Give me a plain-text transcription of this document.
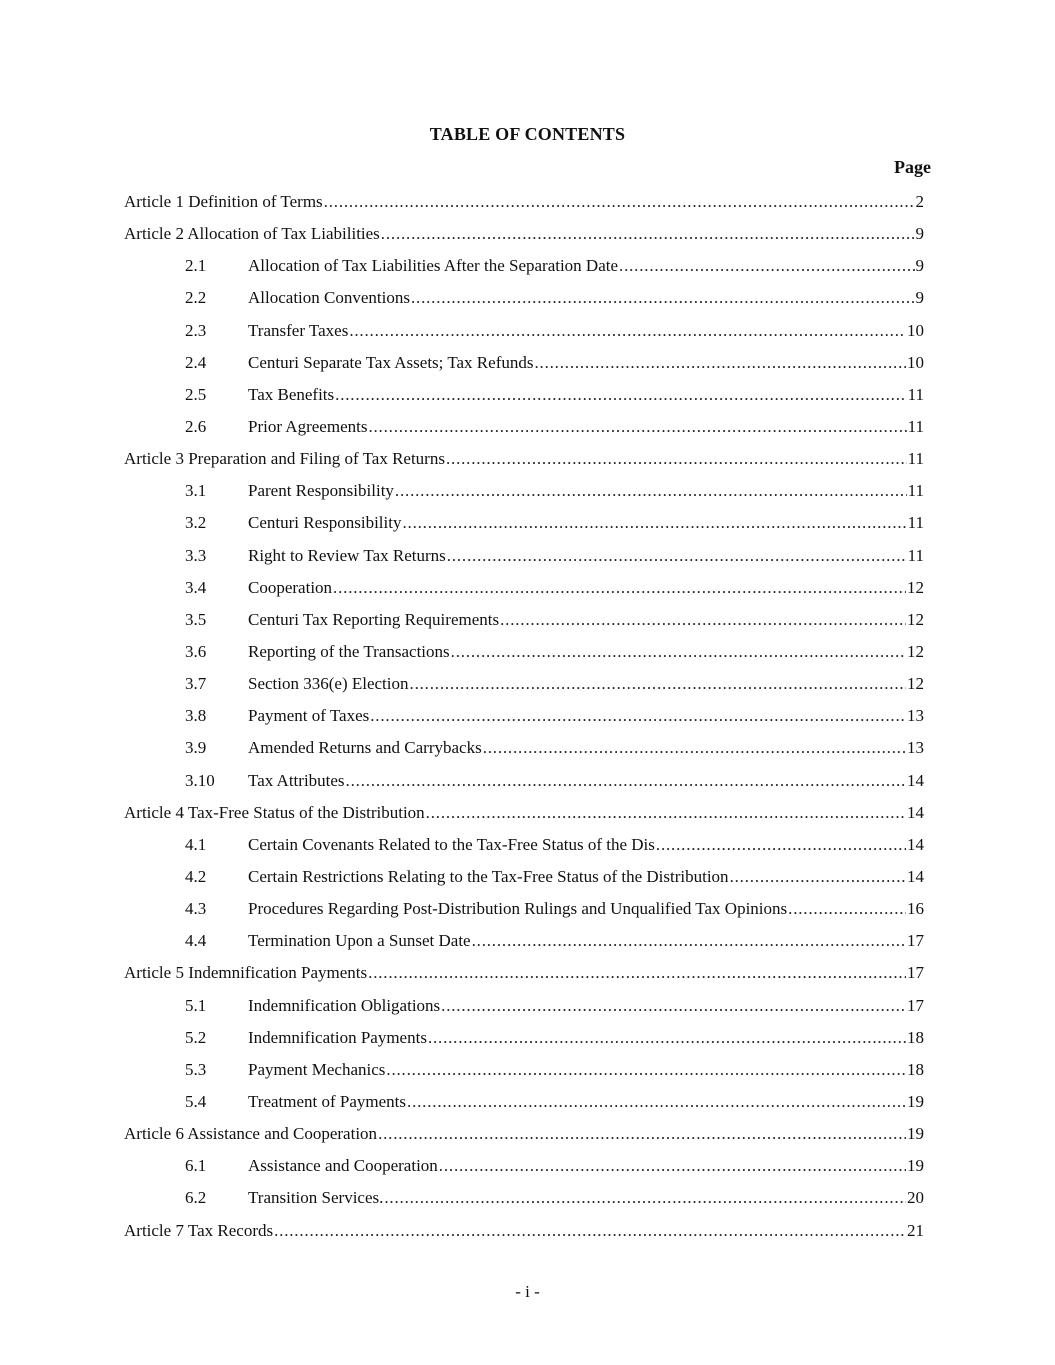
TABLE OF CONTENTS
Page
Article 1 Definition of Terms .....	2
Article 2 Allocation of Tax Liabilities .....	9
2.1	Allocation of Tax Liabilities After the Separation Date .....	9
2.2	Allocation Conventions .....	9
2.3	Transfer Taxes .....	10
2.4	Centuri Separate Tax Assets; Tax Refunds .....	10
2.5	Tax Benefits .....	11
2.6	Prior Agreements .....	11
Article 3 Preparation and Filing of Tax Returns .....	11
3.1	Parent Responsibility .....	11
3.2	Centuri Responsibility .....	11
3.3	Right to Review Tax Returns .....	11
3.4	Cooperation .....	12
3.5	Centuri Tax Reporting Requirements .....	12
3.6	Reporting of the Transactions .....	12
3.7	Section 336(e) Election .....	12
3.8	Payment of Taxes .....	13
3.9	Amended Returns and Carrybacks .....	13
3.10	Tax Attributes .....	14
Article 4 Tax-Free Status of the Distribution .....	14
4.1	Certain Covenants Related to the Tax-Free Status of the Dis .....	14
4.2	Certain Restrictions Relating to the Tax-Free Status of the Distribution .....	14
4.3	Procedures Regarding Post-Distribution Rulings and Unqualified Tax Opinions .....	16
4.4	Termination Upon a Sunset Date .....	17
Article 5 Indemnification Payments .....	17
5.1	Indemnification Obligations .....	17
5.2	Indemnification Payments .....	18
5.3	Payment Mechanics .....	18
5.4	Treatment of Payments .....	19
Article 6 Assistance and Cooperation .....	19
6.1	Assistance and Cooperation .....	19
6.2	Transition Services. .....	20
Article 7 Tax Records .....	21
- i -
